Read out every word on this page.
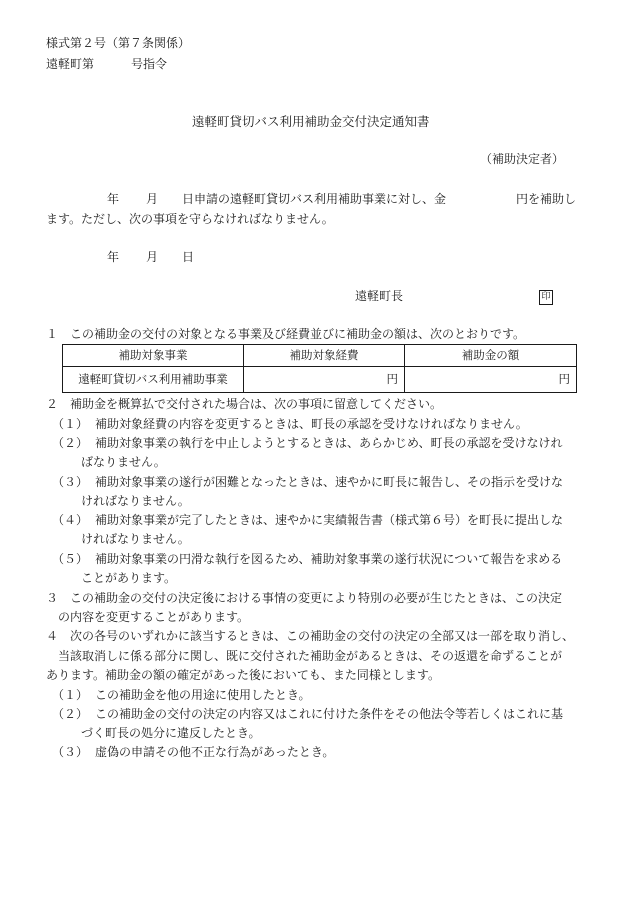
様式第２号（第７条関係）
遠軽町第	号指令
遠軽町貸切バス利用補助金交付決定通知書
（補助決定者）
年 月 日申請の遠軽町貸切バス利用補助事業に対し、金	円を補助し
ます。ただし、次の事項を守らなければなりません。
年 月 日
遠軽町長	印
１　この補助金の交付の対象となる事業及び経費並びに補助金の額は、次のとおりです。
補助対象事業	補助対象経費	補助金の額
遠軽町貸切バス利用補助事業	円	円
２　補助金を概算払で交付された場合は、次の事項に留意してください。
（１） 補助対象経費の内容を変更するときは、町長の承認を受けなければなりません。
（２） 補助対象事業の執行を中止しようとするときは、あらかじめ、町長の承認を受けなけれ
ばなりません。
（３） 補助対象事業の遂行が困難となったときは、速やかに町長に報告し、その指示を受けな
ければなりません。
（４） 補助対象事業が完了したときは、速やかに実績報告書（様式第６号）を町長に提出しな
ければなりません。
（５） 補助対象事業の円滑な執行を図るため、補助対象事業の遂行状況について報告を求める
ことがあります。
３　この補助金の交付の決定後における事情の変更により特別の必要が生じたときは、この決定
の内容を変更することがあります。
４　次の各号のいずれかに該当するときは、この補助金の交付の決定の全部又は一部を取り消し、
当該取消しに係る部分に関し、既に交付された補助金があるときは、その返還を命ずることが
あります。補助金の額の確定があった後においても、また同様とします。
（１） この補助金を他の用途に使用したとき。
（２） この補助金の交付の決定の内容又はこれに付けた条件をその他法令等若しくはこれに基
づく町長の処分に違反したとき。
（３） 虚偽の申請その他不正な行為があったとき。
